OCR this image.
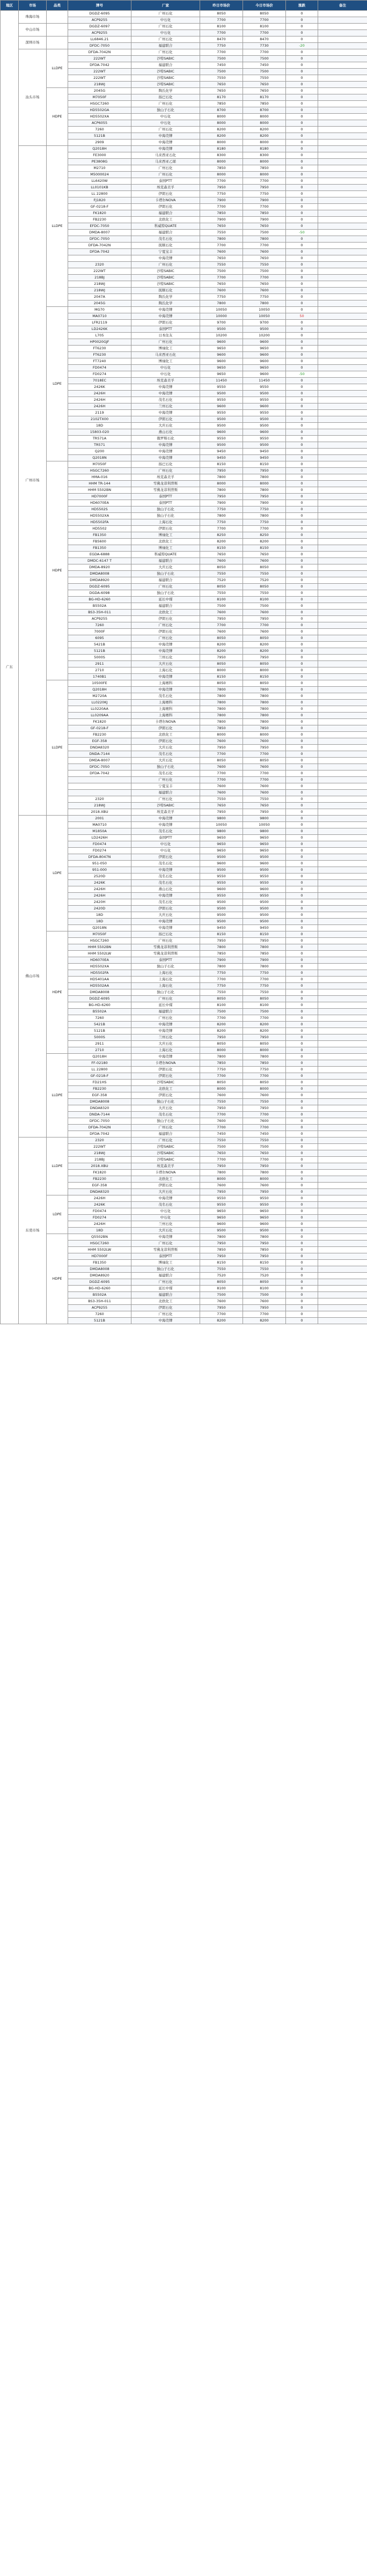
地区	市场	品类	牌号	厂家	昨日市场价	今日市场价	涨跌	备注
广东	珠海市场		DGDZ-6095	广州石化	8050	8050	0	
			ACP9255	中石化	7700	7700	0	
	中山市场		DGDZ-6097	广州石化	8100	8100	0	
			ACP9255	中石化	7700	7700	0	
	深圳市场		LL6846.21	广州石化	8470	8470	0	
			DFDC-7050	福建联合	7750	7730	-20	
	汕头市场	LLDPE	DFDA-7042N	广州石化	7700	7700	0	
			222WT	沙特SABIC	7500	7500	0	
			DFDA-7042	福建联合	7450	7450	0	
			222WT	沙特SABIC	7500	7500	0	
			222WT	沙特SABIC	7550	7550	0	
			218WJ	沙特SABIC	7650	7650	0	
		HDPE	2045G	陶氏化学	7650	7650	0	
			M7050F	扬巴石化	8170	8170	0	
			HSGC7260	广州石化	7850	7850	0	
			HD5502GA	独山子石化	8700	8700	0	
			HD5502XA	中石化	8000	8000	0	
			ACP6055	中石化	8000	8000	0	
			7260	广州石化	8200	8200	0	
			5121B	中海壳牌	8200	8200	0	
			2909	中海壳牌	8000	8000	0	
	广州市场	LLDPE	Q2018H	中海壳牌	8180	8180	0	
			FE3000	马来西亚石化	8300	8300	0	
			PE3808G	马来西亚乙烯	8000	8000	0	
			M2710	广州石化	7850	7850	0	
			M5000024	广州石化	8000	8000	0	
			LL6420W	泰国PTT	7700	7700	0	
			LL0101KB	埃克森美孚	7950	7950	0	
			LL 22800	伊朗石化	7750	7750	0	
			FJ1820	卡塔尔NOVA	7900	7900	0	
			GF-0218-F	伊朗石化	7700	7700	0	
			FK1820	福建联合	7850	7850	0	
			FB2230	北欧化工	7900	7900	0	
			EFDC-7050	科威特QUATE	7650	7650	0	
			DMDA-8007	福建联合	7550	7500	-50	
			DFDC-7050	茂名石化	7800	7800	0	
			DFDA-7042N	抚顺石化	7700	7700	0	
			DFDA-7042	宁夏宝丰	7600	7600	0	
				中海壳牌	7650	7650	0	
			2320	广州石化	7550	7550	0	
			222WT	沙特SABIC	7500	7500	0	
			218BJ	沙特SABIC	7700	7700	0	
			218WJ	沙特SABIC	7650	7650	0	
			218WJ	抚顺石化	7600	7600	0	
			2047A	陶氏化学	7750	7750	0	
			2045G	陶氏化学	7800	7800	0	
		LDPE	MG70	中海壳牌	10050	10050	0	
			MA0710	中海壳牌	10000	10050	50	
			LFR2119	伊朗石化	9700	9700	0	
			LD2426K	泰国PTT	9500	9500	0	
			L705	日本住友	10200	10200	0	
			HP0020GJF	广州石化	9600	9600	0	
			FT6230	博禄化工	9650	9650	0	
			FT6230	马来西亚石化	9600	9600	0	
			FT7240	博禄化工	9600	9600	0	
			FD0474	中石化	9650	9650	0	
			FD0274	中石化	9650	9600	-50	
			7018EC	埃克森美孚	11450	11450	0	
			2426K	中海壳牌	9550	9550	0	
			2426H	中海壳牌	9500	9500	0	
			2426H	茂名石化	9550	9550	0	
			2426H	兰州石化	9600	9600	0	
			2119	中海壳牌	9550	9550	0	
			2102TX00	伊朗石化	9500	9500	0	
			18D	大庆石化	9500	9500	0	
			15803-020	燕山石化	9600	9600	0	
			TR571A	俄罗斯石化	9550	9550	0	
			TR571	中海壳牌	9500	9500	0	
			Q200	中海壳牌	9450	9450	0	
			Q2018N	中海壳牌	9450	9450	0	
		HDPE	M7050F	扬巴石化	8150	8150	0	
			HSGC7260	广州石化	7950	7950	0	
			HMA-016	埃克森美孚	7800	7800	0	
			HHM TR-144	雪佛龙菲利普斯	8000	8000	0	
			HHM 5502BN	雪佛龙菲利普斯	7800	7800	0	
			HD7000F	泰国PTT	7950	7950	0	
			HD6070EA	泰国PTT	7900	7900	0	
			HD5502S	独山子石化	7750	7750	0	
			HD5502XA	独山子石化	7800	7800	0	
			HD5502FA	上海石化	7750	7750	0	
			HD5502	伊朗石化	7700	7700	0	
			FB1350	博禄化工	8250	8250	0	
			FB5600	北欧化工	8200	8200	0	
			FB1350	博禄化工	8150	8150	0	
			EGDA-6888	科威特QUATE	7650	7650	0	
			DMDC-6147 T	福建联合	7600	7600	0	
			DMDA-8920	大庆石化	8050	8050	0	
			DMDA8008	独山子石化	7550	7550	0	
			DMDA8920	福建联合	7520	7520	0	
			DGDZ-6095	广州石化	8050	8050	0	
			DGDA-6098	独山子石化	7550	7550	0	
			BG-HD-6260	延长中煤	8100	8100	0	
			B5502A	福建联合	7500	7500	0	
			BS3-35H-011	北欧化工	7600	7600	0	
			ACP9255	伊朗石化	7950	7950	0	
			7260	广州石化	7700	7700	0	
			7000F	伊朗石化	7600	7600	0	
			6095	广州石化	8050	8050	0	
			5421B	中海壳牌	8200	8200	0	
			5121B	中海壳牌	8200	8200	0	
			5000S	兰州石化	7950	7950	0	
			2911	大庆石化	8050	8050	0	
			2710	上海石化	8000	8000	0	
			1740B1	中海壳牌	8150	8150	0	
		LLDPE	10500FE	上海赛科	8050	8050	0	
			Q2018H	中海壳牌	7800	7800	0	
			M2720A	茂名石化	7800	7800	0	
			LL0220KJ	上海赛科	7800	7800	0	
			LL0220AA	上海赛科	7800	7800	0	
			LL0209AA	上海赛科	7800	7800	0	
			FK1820	卡塔尔NOVA	7800	7800	0	
			GF-0218-F	伊朗石化	7850	7850	0	
			FB2230	北欧化工	8000	8000	0	
			EGF-358	伊朗石化	7600	7600	0	
			DNDA8320	大庆石化	7950	7950	0	
			DNDA-7144	茂名石化	7700	7700	0	
			DMDA-8007	大庆石化	8050	8050	0	
			DFDC-7050	独山子石化	7600	7600	0	
			DFDA-7042	茂名石化	7700	7700	0	
				广州石化	7700	7700	0	
				宁夏宝丰	7600	7600	0	
				福建联合	7600	7600	0	
			2320	广州石化	7550	7550	0	
			218WJ	沙特SABIC	7650	7650	0	
			2018.XBU	埃克森美孚	7950	7950	0	
	佛山市场	LDPE	2001	中海壳牌	9800	9800	0	
			MA0710	中海壳牌	10050	10050	0	
			M1850A	茂名石化	9800	9800	0	
			LD2426H	泰国PTT	9650	9650	0	
			FD0474	中石化	9650	9650	0	
			FD0274	中石化	9650	9650	0	
			DFDA-8047N	伊朗石化	9500	9500	0	
			951-050	茂名石化	9600	9600	0	
			951-000	中海壳牌	9500	9500	0	
			2520D	茂名石化	9550	9550	0	
			2426K	茂名石化	9550	9550	0	
			2426H	燕山石化	9600	9600	0	
			2426H	中海壳牌	9550	9550	0	
			2420H	茂名石化	9500	9500	0	
			2420D	伊朗石化	9500	9500	0	
			18D	大庆石化	9500	9500	0	
			18D	中海壳牌	9500	9500	0	
			Q2018N	中海壳牌	9450	9450	0	
		HDPE	M7050F	扬巴石化	8150	8150	0	
			HSGC7260	广州石化	7950	7950	0	
			HHM 5502BN	雪佛龙菲利普斯	7800	7800	0	
			HHM 5502LW	雪佛龙菲利普斯	7850	7850	0	
			HD6070EA	泰国PTT	7900	7900	0	
			HD5502XA	独山子石化	7800	7800	0	
			HD5502FA	上海石化	7750	7750	0	
			HD5401AA	上海石化	7700	7700	0	
			HD5502AA	上海石化	7750	7750	0	
			DMDA8008	独山子石化	7550	7550	0	
			DGDZ-6095	广州石化	8050	8050	0	
			BG-HD-6260	延长中煤	8100	8100	0	
			B5502A	福建联合	7500	7500	0	
			7260	广州石化	7700	7700	0	
			5421B	中海壳牌	8200	8200	0	
			5121B	中海壳牌	8200	8200	0	
			5000S	兰州石化	7950	7950	0	
			2911	大庆石化	8050	8050	0	
			2710	上海石化	8000	8000	0	
		LLDPE	Q2018H	中海壳牌	7800	7800	0	
			FF-02180	卡塔尔NOVA	7850	7850	0	
			LL 22800	伊朗石化	7750	7750	0	
			GF-0218-F	伊朗石化	7700	7700	0	
			FD21HS	沙特SABIC	8050	8050	0	
			FB2230	北欧化工	8000	8000	0	
			EGF-358	伊朗石化	7600	7600	0	
			DMDA8008	独山子石化	7550	7550	0	
			DNDA8320	大庆石化	7950	7950	0	
			DNDA-7144	茂名石化	7700	7700	0	
			DFDC-7050	独山子石化	7600	7600	0	
			DFDA-7042N	广州石化	7700	7700	0	
			DFDA-7042	福建联合	7450	7450	0	
	东莞市场	LLDPE	2320	广州石化	7550	7550	0	
			222WT	沙特SABIC	7500	7500	0	
			218WJ	沙特SABIC	7650	7650	0	
			218BJ	沙特SABIC	7700	7700	0	
			2018.XBU	埃克森美孚	7950	7950	0	
			FK1820	卡塔尔NOVA	7800	7800	0	
			FB2230	北欧化工	8000	8000	0	
			EGF-358	伊朗石化	7600	7600	0	
			DNDA8320	大庆石化	7950	7950	0	
		LDPE	2426H	中海壳牌	9550	9550	0	
			2426K	茂名石化	9550	9550	0	
			FD0474	中石化	9650	9650	0	
			FD0274	中石化	9650	9650	0	
			2426H	兰州石化	9600	9600	0	
			18D	大庆石化	9500	9500	0	
		HDPE	Q5502BN	中海壳牌	7800	7800	0	
			HSGC7260	广州石化	7950	7950	0	
			HHM 5502LW	雪佛龙菲利普斯	7850	7850	0	
			HD7000F	泰国PTT	7950	7950	0	
			FB1350	博禄化工	8150	8150	0	
			DMDA8008	独山子石化	7550	7550	0	
			DMDA8920	福建联合	7520	7520	0	
			DGDZ-6095	广州石化	8050	8050	0	
			BG-HD-6260	延长中煤	8100	8100	0	
			B5502A	福建联合	7500	7500	0	
			BS3-35H-011	北欧化工	7600	7600	0	
			ACP9255	伊朗石化	7950	7950	0	
			7260	广州石化	7700	7700	0	
			5121B	中海壳牌	8200	8200	0	
